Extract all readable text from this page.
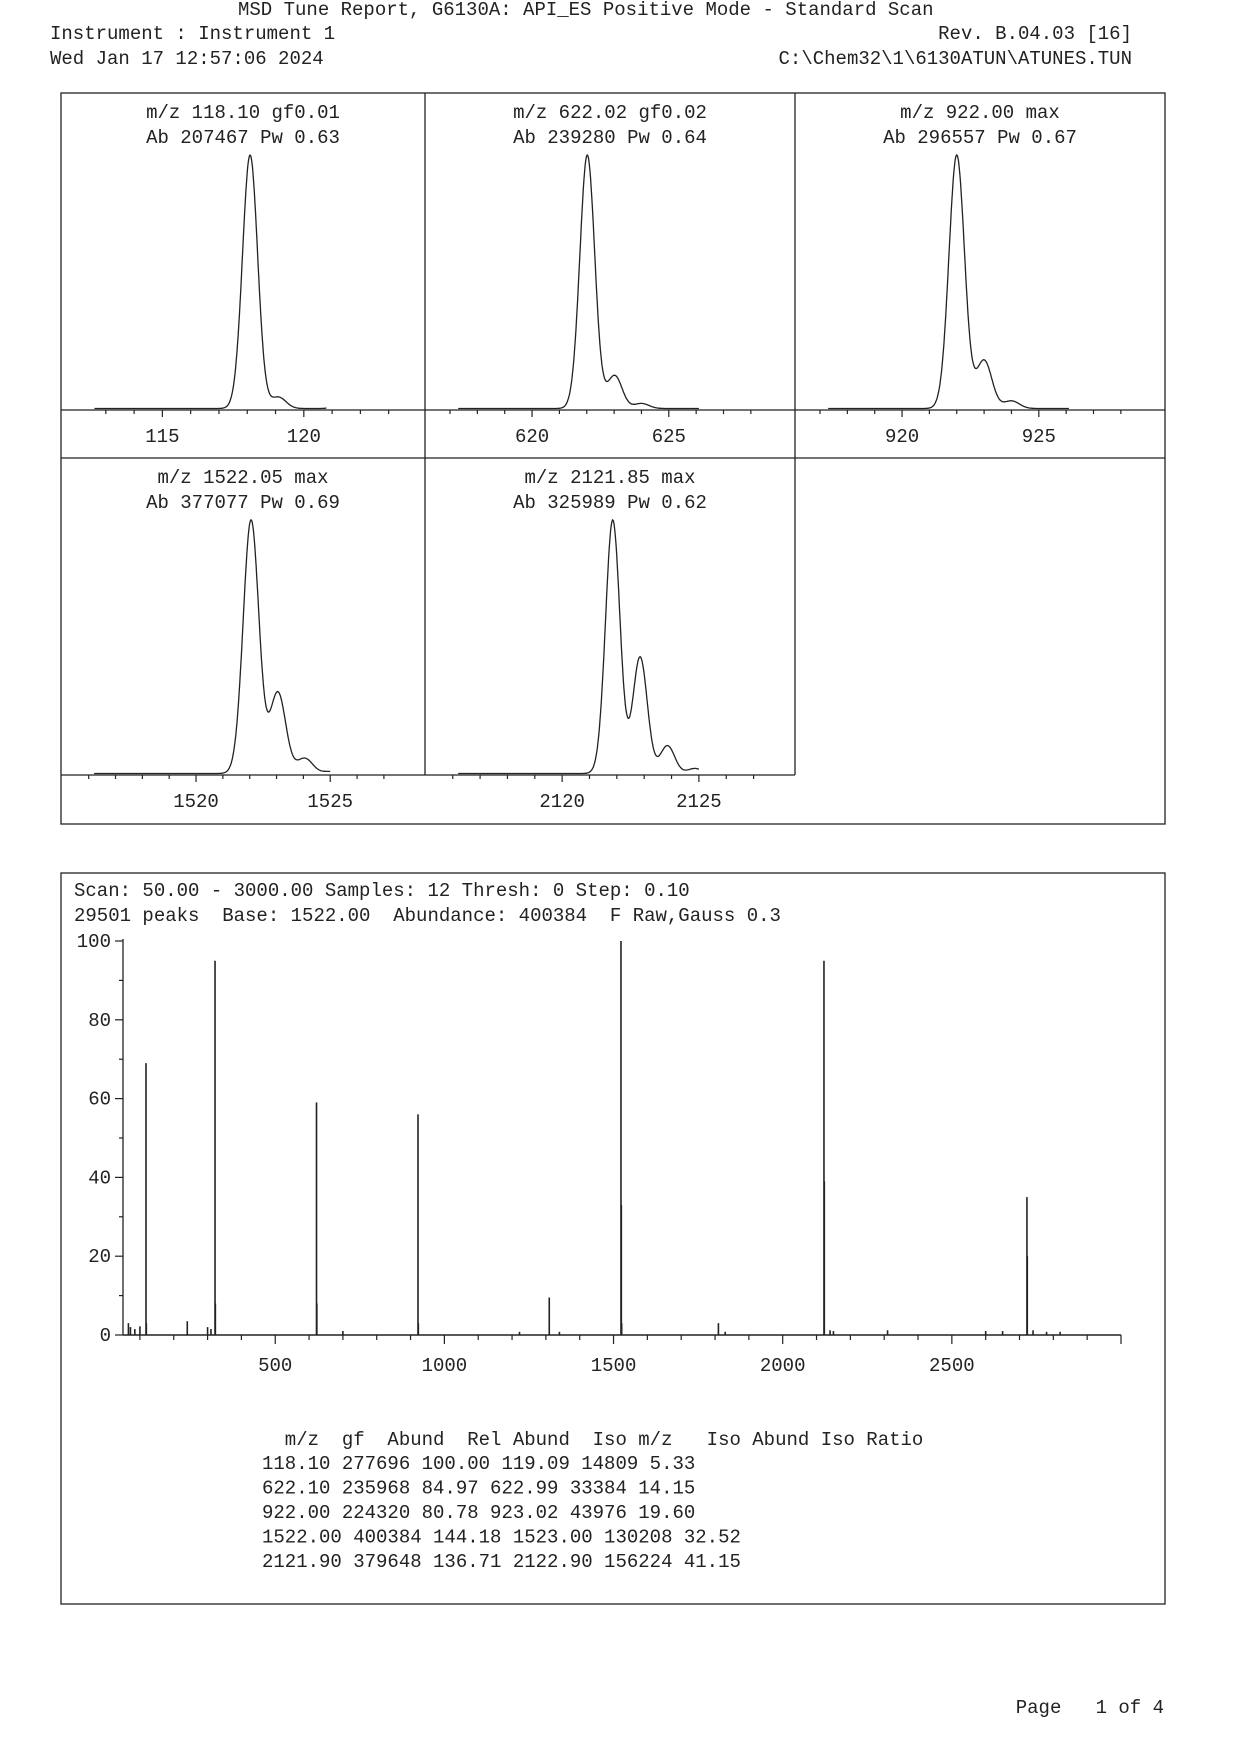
MSD Tune Report, G6130A: API_ES Positive Mode - Standard Scan
Instrument : Instrument 1	Rev. B.04.03 [16]
Wed Jan 17 12:57:06 2024	C:\Chem32\1\6130ATUN\ATUNES.TUN
m/z 118.10 gf0.01
Ab 207467 Pw 0.63
115	120
m/z 622.02 gf0.02
Ab 239280 Pw 0.64
620	625
m/z 922.00 max
Ab 296557 Pw 0.67
920	925
m/z 1522.05 max
Ab 377077 Pw 0.69
1520	1525
m/z 2121.85 max
Ab 325989 Pw 0.62
2120	2125
Scan: 50.00 - 3000.00 Samples: 12 Thresh: 0 Step: 0.10
29501 peaks  Base: 1522.00  Abundance: 400384  F Raw,Gauss 0.3
0
20
40
60
80
100
500	1000	1500	2000	2500
m/z  gf  Abund  Rel Abund  Iso m/z   Iso Abund Iso Ratio
118.10 277696 100.00 119.09 14809 5.33
622.10 235968 84.97 622.99 33384 14.15
922.00 224320 80.78 923.02 43976 19.60
1522.00 400384 144.18 1523.00 130208 32.52
2121.90 379648 136.71 2122.90 156224 41.15
Page 1 of 4
